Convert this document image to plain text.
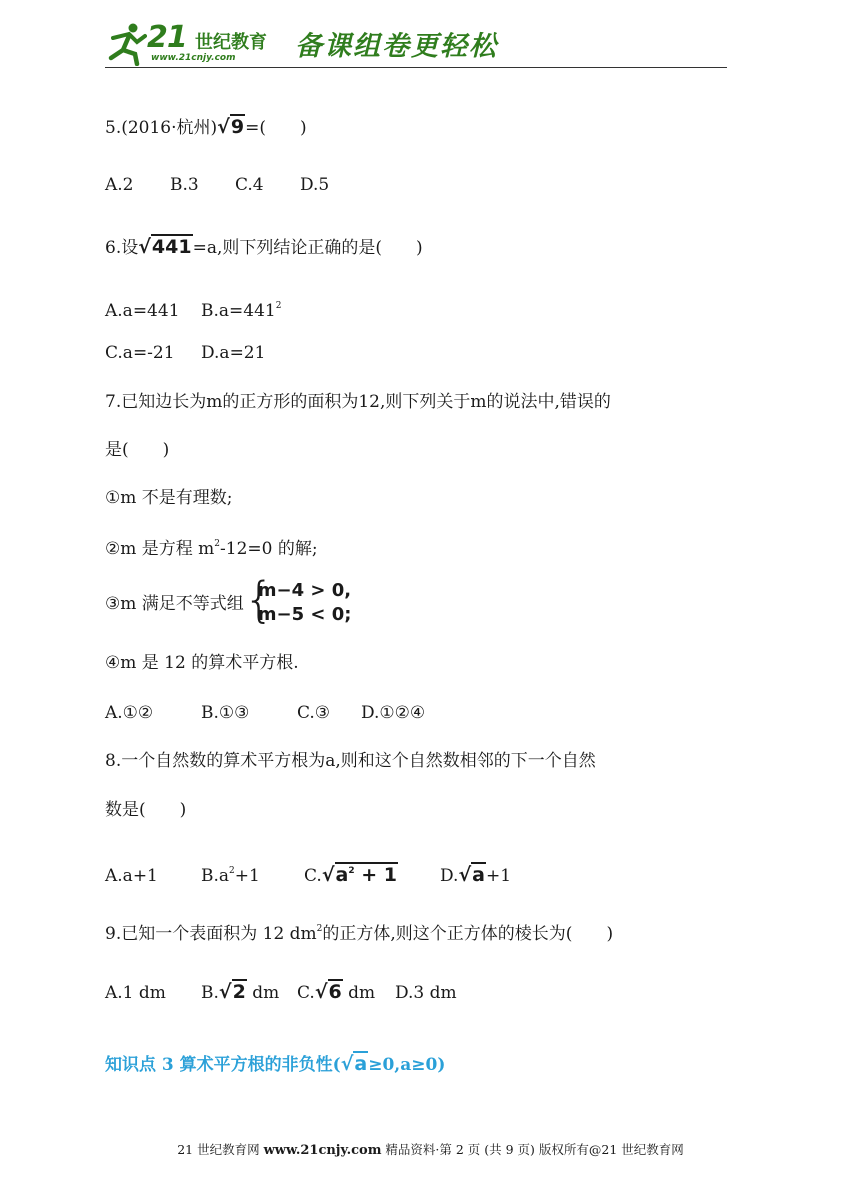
21 世纪教育
www.21cnjy.com 备课组卷更轻松
5.(2016·杭州)√9=(　　)
A.2 B.3 C.4 D.5
6.设√441=a,则下列结论正确的是(　　)
A.a=441 $B.a=441^2$
C.a=-21 D.a=21
7.已知边长为m的正方形的面积为12,则下列关于m的说法中,错误的
是(　　)
①m 不是有理数;
②m 是方程 $m^2-12=0$ 的解;
③m 满足不等式组 {
m−4 > 0,
m−5 < 0;
④m 是 12 的算术平方根.
A.①②	B.①③	C.③ D.①②④
8.一个自然数的算术平方根为a,则和这个自然数相邻的下一个自然
数是(　　)
A.a+1	$B.a^2+1$	$C.√a^2 + 1$	D.√a+1
9.已知一个表面积为 12 $dm^2$的正方体,则这个正方体的棱长为(　　)
A.1 dm B.√2 dm C.√6 dm D.3 dm
知识点 3 算术平方根的非负性(√a≥0,a≥0)
21 世纪教育网 www.21cnjy.com 精品资料·第 2 页 (共 9 页) 版权所有@21 世纪教育网
